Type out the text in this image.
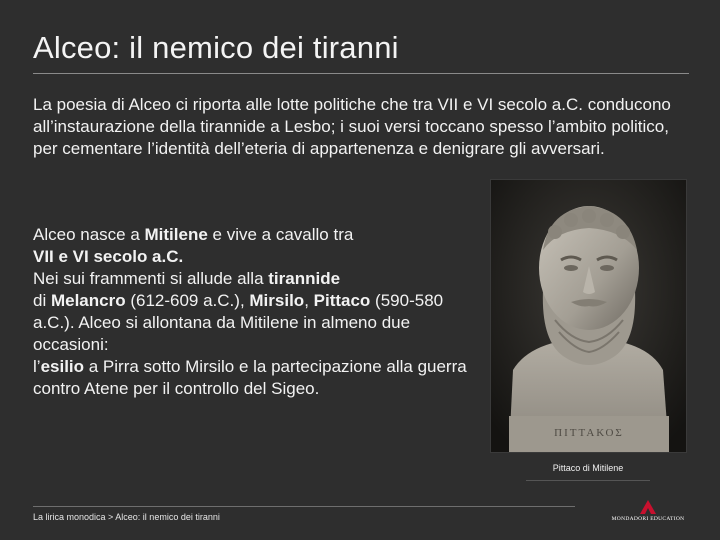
Alceo: il nemico dei tiranni

La poesia di Alceo ci riporta alle lotte politiche che tra VII e VI secolo a.C. conducono all’instaurazione della tirannide a Lesbo; i suoi versi toccano spesso l’ambito politico, per cementare l’identità dell’eteria di appartenenza e denigrare gli avversari.

Alceo nasce a Mitilene e vive a cavallo tra
VII e VI secolo a.C.

Nei sui frammenti si allude alla tirannide
di Melancro (612-609 a.C.), Mirsilo, Pittaco (590-580 a.C.). Alceo si allontana da Mitilene in almeno due occasioni:

l’esilio a Pirra sotto Mirsilo e la partecipazione alla guerra contro Atene per il controllo del Sigeo.

ΠΙΤΤΑΚΟΣ
Pittaco di Mitilene
La lirica monodica > Alceo: il nemico dei tiranni	MONDADORI EDUCATION
